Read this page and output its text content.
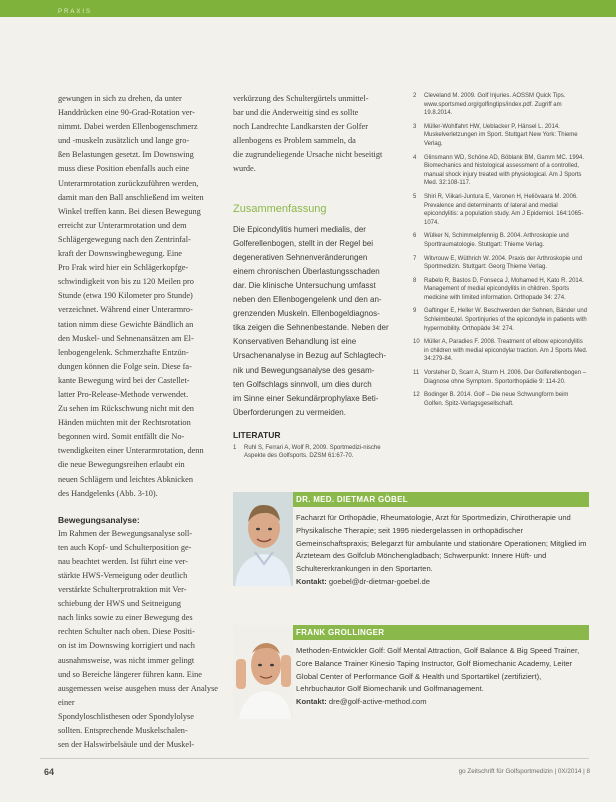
PRAXIS
gewungen in sich zu drehen, da unter
Handdrücken eine 90-Grad-Rotation ver-
nimmt. Dabei werden Ellenbogenschmerz
und -muskeln zusätzlich und lange gro-
ßen Belastungen gesetzt. Im Downswing
muss diese Position ebenfalls auch eine
Unterarmrotation zurückzuführen werden,
damit man den Ball anschließend im weiten
Winkel treffen kann. Bei diesen Bewegung
erreicht zur Unterarmrotation und dem
Schlägergewegung nach den Zentrinfal-
kraft der Downswingbewegung. Eine
Pro Frak wird hier ein Schlägerkopfge-
schwindigkeit von bis zu 120 Meilen pro
Stunde (etwa 190 Kilometer pro Stunde)
verzeichnet. Während einer Unterarmro-
tation nimm diese Gewichte Bändlich an
den Muskel- und Sehnenansätzen am El-
lenbogengelenk. Schmerzhafte Entzün-
dungen können die Folge sein. Diese fa-
kante Bewegung wird bei der Castellet-
latter Pro-Release-Methode verwendet.
Zu sehen im Rückschwung nicht mit den
Händen müchten mit der Rechtsrotation
begonnen wird. Somit entfällt die No-
twendigkeiten einer Unterarmrotation, denn
die neue Bewegungsreihen erlaubt ein
neuen Schlägern und leichtes Abknicken
des Handgelenks (Abb. 3-10).

Bewegungsanalyse:

Im Rahmen der Bewegungsanalyse soll-
ten auch Kopf- und Schulterposition ge-
nau beachtet werden. Ist führt eine ver-
stärkte HWS-Verneigung oder deutlich
verstärkte Schulterprotraktion mit Ver-
schiebung der HWS und Seitneigung
nach links sowie zu einer Bewegung des
rechten Schulter nach oben. Diese Positi-
on ist im Downswing korrigiert und nach
ausnahmsweise, was nicht immer gelingt
und so Bereiche längerer führen kann. Eine
ausgemessen weise ausgehen muss der Analyse einer
Spondyloschlisthesen oder Spondylolyse
sollten. Entsprechende Muskelschalen-
sen der Halswirbelsäule und der Muskel-
verkürzung des Schultergürtels unmittel-
bar und die Anderweitig sind es sollte
noch Landrechte Landkarsten der Golfer
allenbogens es Problem sammeln, da
die zugrundeliegende Ursache nicht beseitigt
wurde.

Zusammenfassung

Die Epicondylitis humeri medialis, der
Golferellenbogen, stellt in der Regel bei
degenerativen Sehnenveränderungen
einem chronischen Überlastungsschaden
dar. Die klinische Untersuchung umfasst
neben den Ellenbogengelenk und den an-
grenzenden Muskeln. Ellenbogeldiagnos-
tika zeigen die Sehnenbestande. Neben der
Konservativen Behandlung ist eine
Ursachenanalyse in Bezug auf Schlagtech-
nik und Bewegungsanalyse des gesam-
ten Golfschlags sinnvoll, um dies durch
im Sinne einer Sekundärprophylaxe Beti-
Überforderungen zu vermeiden.

LITERATUR

1	Ruhl S, Ferrari A, Wolf R, 2009. Sportmedizi-nische Aspekte des Golfsports. DZSM 61:67-70.
2	Cleveland M. 2009. Golf Injuries. AOSSM Quick Tips. www.sportsmed.org/golfingtips/index.pdf. Zugriff am 19.8.2014.
3	Müller-Wohlfahrt HW, Ueblacker P, Hänsel L. 2014. Muskelverletzungen im Sport. Stuttgart New York: Thieme Verlag.
4	Glinsmann WD, Schöne AD, Böblank BM, Gamm MC. 1994. Biomechanics and histological assessment of a controlled, manual shock injury treated with physiological. Am J Sports Med. 32:108-117.
5	Shiri R, Viikari-Juntura E, Varonen H, Heliövaara M. 2006. Prevalence and determinants of lateral and medial epicondylitis: a population study. Am J Epidemiol. 164:1065-1074.
6	Wülker N, Schimmelpfennig B. 2004. Arthroskopie und Sporttraumatologie. Stuttgart: Thieme Verlag.
7	Witvrouw E, Wüthrich W. 2004. Praxis der Arthroskopie und Sportmedizin. Stuttgart: Georg Thieme Verlag.
8	Rabelo R, Bastos D, Fonseca J, Mohamed H, Kato R. 2014. Management of medial epicondylitis in children. Sports medicine with limited information. Orthopade 34: 274.
9	Gaftinger E, Heller W. Beschwerden der Sehnen, Bänder und Schleimbeutel. Sportinjuries of the epicondyle in patients with hypermobility. Orthopäde 34: 274.
10 Müller A, Paradies F. 2008. Treatment of elbow epicondylitis in children with medial epicondylar traction. Am J Sports Med. 34:279-84.
11 Vorsteher D, Scarr A, Sturm H. 2006. Der Golferellenbogen – Diagnose ohne Symptom. Sportorthopädie 9: 114-20.
12 Bodinger B. 2014. Golf – Die neue Schwungform beim Golfen. Spitz-Verlagsgesellschaft.
DR. MED. DIETMAR GÖBEL
Facharzt für Orthopädie, Rheumatologie, Arzt für Sportmedizin, Chirotherapie und Physikalische Therapie; seit 1995 niedergelassen in orthopädischer Gemeinschaftspraxis; Belegarzt für ambulante und stationäre Operationen; Mitglied im Ärzteteam des Golfclub Mönchengladbach; Schwerpunkt: Innere Hüft- und Schultererkrankungen in den Sportarten.
Kontakt: goebel@dr-dietmar-goebel.de
FRANK GROLLINGER
Methoden-Entwickler Golf: Golf Mental Attraction, Golf Balance & Big Speed Trainer, Core Balance Trainer Kinesio Taping Instructor, Golf Biomechanic Academy, Leiter Global Center of Performance Golf & Health und Sportartikel (zertifiziert), Lehrbuchautor Golf Biomechanik und Golfmanagement.
Kontakt: dre@golf-active-method.com
64	go Zeitschrift für Golfsportmedizin | 0X/2014 | 8
